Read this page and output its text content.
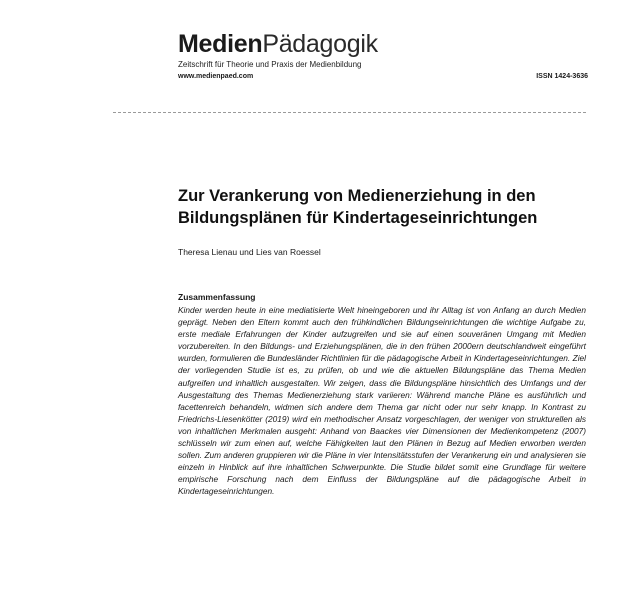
MedienPädagogik
Zeitschrift für Theorie und Praxis der Medienbildung
www.medienpaed.com	ISSN 1424-3636
Zur Verankerung von Medienerziehung in den Bildungsplänen für Kindertageseinrichtungen
Theresa Lienau und Lies van Roessel
Zusammenfassung

Kinder werden heute in eine mediatisierte Welt hineingeboren und ihr Alltag ist von Anfang an durch Medien geprägt. Neben den Eltern kommt auch den frühkindlichen Bildungseinrichtungen die wichtige Aufgabe zu, erste mediale Erfahrungen der Kinder aufzugreifen und sie auf einen souveränen Umgang mit Medien vorzubereiten. In den Bildungs- und Erziehungsplänen, die in den frühen 2000ern deutschlandweit eingeführt wurden, formulieren die Bundesländer Richtlinien für die pädagogische Arbeit in Kindertageseinrichtungen. Ziel der vorliegenden Studie ist es, zu prüfen, ob und wie die aktuellen Bildungspläne das Thema Medien aufgreifen und inhaltlich ausgestalten. Wir zeigen, dass die Bildungspläne hinsichtlich des Umfangs und der Ausgestaltung des Themas Medienerziehung stark variieren: Während manche Pläne es ausführlich und facettenreich behandeln, widmen sich andere dem Thema gar nicht oder nur sehr knapp. In Kontrast zu Friedrichs-Liesenkötter (2019) wird ein methodischer Ansatz vorgeschlagen, der weniger von strukturellen als von inhaltlichen Merkmalen ausgeht: Anhand von Baackes vier Dimensionen der Medienkompetenz (2007) schlüsseln wir zum einen auf, welche Fähigkeiten laut den Plänen in Bezug auf Medien erworben werden sollen. Zum anderen gruppieren wir die Pläne in vier Intensitätsstufen der Verankerung ein und analysieren sie einzeln in Hinblick auf ihre inhaltlichen Schwerpunkte. Die Studie bildet somit eine Grundlage für weitere empirische Forschung nach dem Einfluss der Bildungspläne auf die pädagogische Arbeit in Kindertageseinrichtungen.
